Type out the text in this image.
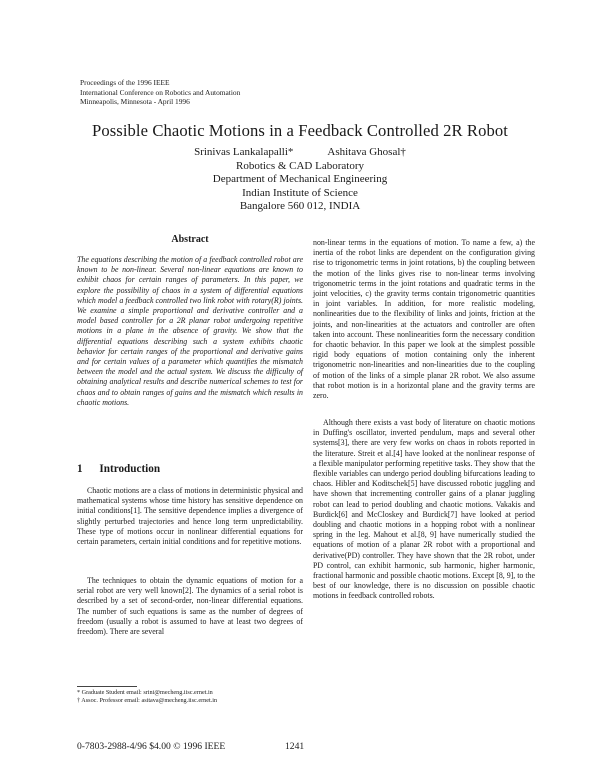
Proceedings of the 1996 IEEE
International Conference on Robotics and Automation
Minneapolis, Minnesota - April 1996
Possible Chaotic Motions in a Feedback Controlled 2R Robot
Srinivas Lankalapalli*	Ashitava Ghosal†
Robotics & CAD Laboratory
Department of Mechanical Engineering
Indian Institute of Science
Bangalore 560 012, INDIA
Abstract
The equations describing the motion of a feedback controlled robot are known to be non-linear. Several non-linear equations are known to exhibit chaos for certain ranges of parameters. In this paper, we explore the possibility of chaos in a system of differential equations which model a feedback controlled two link robot with rotary(R) joints. We examine a simple proportional and derivative controller and a model based controller for a 2R planar robot undergoing repetitive motions in a plane in the absence of gravity. We show that the differential equations describing such a system exhibits chaotic behavior for certain ranges of the proportional and derivative gains and for certain values of a parameter which quantifies the mismatch between the model and the actual system. We discuss the difficulty of obtaining analytical results and describe numerical schemes to test for chaos and to obtain ranges of gains and the mismatch which results in chaotic motions.
1 Introduction

Chaotic motions are a class of motions in deterministic physical and mathematical systems whose time history has sensitive dependence on initial conditions[1]. The sensitive dependence implies a divergence of slightly perturbed trajectories and hence long term unpredictability. These type of motions occur in nonlinear differential equations for certain parameters, certain initial conditions and for repetitive motions.

The techniques to obtain the dynamic equations of motion for a serial robot are very well known[2]. The dynamics of a serial robot is described by a set of second-order, non-linear differential equations. The number of such equations is same as the number of degrees of freedom (usually a robot is assumed to have at least two degrees of freedom). There are several

non-linear terms in the equations of motion. To name a few, a) the inertia of the robot links are dependent on the configuration giving rise to trigonometric terms in joint rotations, b) the coupling between the motion of the links gives rise to non-linear terms involving trigonometric terms in the joint rotations and quadratic terms in the joint velocities, c) the gravity terms contain trigonometric quantities in joint variables. In addition, for more realistic modeling, nonlinearities due to the flexibility of links and joints, friction at the joints, and non-linearities at the actuators and controller are often taken into account. These nonlinearities form the necessary condition for chaotic behavior. In this paper we look at the simplest possible rigid body equations of motion containing only the inherent trigonometric non-linearities and non-linearities due to the coupling of motion of the links of a simple planar 2R robot. We also assume that robot motion is in a horizontal plane and the gravity terms are zero.

Although there exists a vast body of literature on chaotic motions in Duffing's oscillator, inverted pendulum, maps and several other systems[3], there are very few works on chaos in robots reported in the literature. Streit et al.[4] have looked at the nonlinear response of a flexible manipulator performing repetitive tasks. They show that the flexible variables can undergo period doubling bifurcations leading to chaos. Hibler and Koditschek[5] have discussed robotic juggling and have shown that incrementing controller gains of a planar juggling robot can lead to period doubling and chaotic motions. Vakakis and Burdick[6] and McCloskey and Burdick[7] have looked at period doubling and chaotic motions in a hopping robot with a nonlinear spring in the leg. Mahout et al.[8, 9] have numerically studied the equations of motion of a planar 2R robot with a proportional and derivative(PD) controller. They have shown that the 2R robot, under PD control, can exhibit harmonic, sub harmonic, higher harmonic, fractional harmonic and possible chaotic motions. Except [8, 9], to the best of our knowledge, there is no discussion on possible chaotic motions in feedback controlled robots.

* Graduate Student email: srini@mecheng.iisc.ernet.in
† Assoc. Professor email: asitava@mecheng.iisc.ernet.in
0-7803-2988-4/96 $4.00 © 1996 IEEE	1241
